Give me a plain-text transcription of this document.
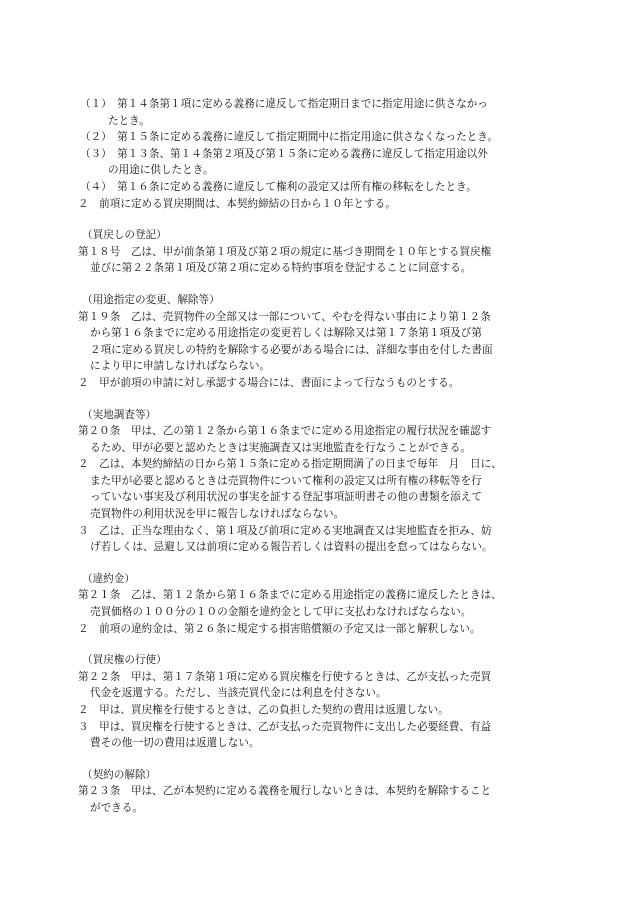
（１）　第１４条第１項に定める義務に違反して指定期日までに指定用途に供さなかっ
たとき。
（２）　第１５条に定める義務に違反して指定期間中に指定用途に供さなくなったとき。
（３）　第１３条、第１４条第２項及び第１５条に定める義務に違反して指定用途以外
の用途に供したとき。
（４）　第１６条に定める義務に違反して権利の設定又は所有権の移転をしたとき。
２　前項に定める買戻期間は、本契約締結の日から１０年とする。
（買戻しの登記）
第１８号　乙は、甲が前条第１項及び第２項の規定に基づき期間を１０年とする買戻権
並びに第２２条第１項及び第２項に定める特約事項を登記することに同意する。
（用途指定の変更、解除等）
第１９条　乙は、売買物件の全部又は一部について、やむを得ない事由により第１２条
から第１６条までに定める用途指定の変更若しくは解除又は第１７条第１項及び第
２項に定める買戻しの特約を解除する必要がある場合には、詳細な事由を付した書面
により甲に申請しなければならない。
２　甲が前項の申請に対し承認する場合には、書面によって行なうものとする。
（実地調査等）
第２０条　甲は、乙の第１２条から第１６条までに定める用途指定の履行状況を確認す
るため、甲が必要と認めたときは実施調査又は実地監査を行なうことができる。
２　乙は、本契約締結の日から第１５条に定める指定期間満了の日まで毎年　月　日に、
また甲が必要と認めるときは売買物件について権利の設定又は所有権の移転等を行
っていない事実及び利用状況の事実を証する登記事項証明書その他の書類を添えて
売買物件の利用状況を甲に報告しなければならない。
３　乙は、正当な理由なく、第１項及び前項に定める実地調査又は実地監査を拒み、妨
げ若しくは、忌避し又は前項に定める報告若しくは資料の提出を怠ってはならない。
（違約金）
第２１条　乙は、第１２条から第１６条までに定める用途指定の義務に違反したときは、
売買価格の１００分の１０の金額を違約金として甲に支払わなければならない。
２　前項の違約金は、第２６条に規定する損害賠償額の予定又は一部と解釈しない。
（買戻権の行使）
第２２条　甲は、第１７条第１項に定める買戻権を行使するときは、乙が支払った売買
代金を返還する。ただし、当該売買代金には利息を付さない。
２　甲は、買戻権を行使するときは、乙の負担した契約の費用は返還しない。
３　甲は、買戻権を行使するときは、乙が支払った売買物件に支出した必要経費、有益
費その他一切の費用は返還しない。
（契約の解除）
第２３条　甲は、乙が本契約に定める義務を履行しないときは、本契約を解除すること
ができる。
